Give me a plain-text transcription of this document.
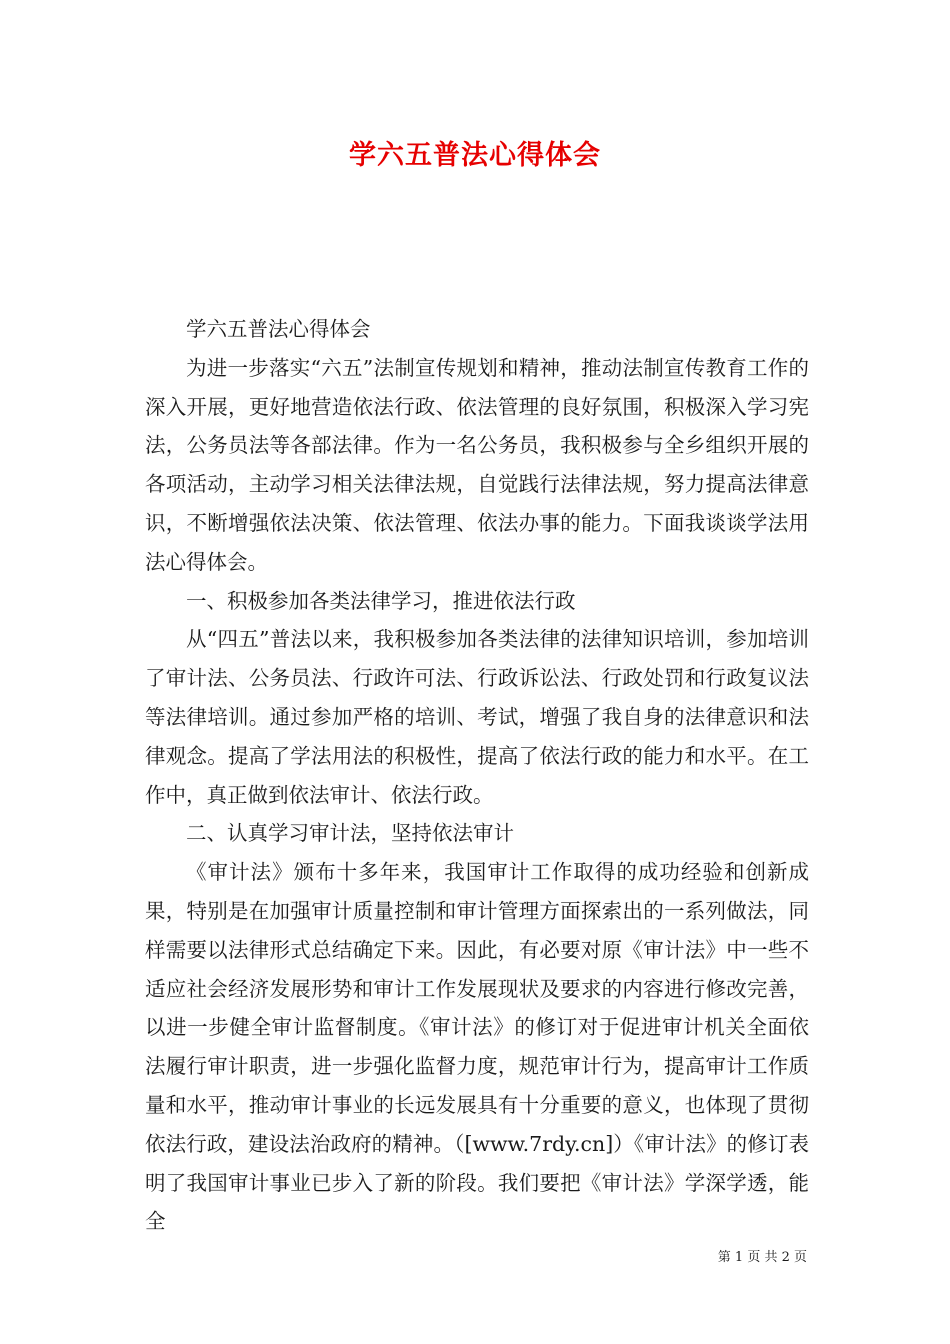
学六五普法心得体会

学六五普法心得体会

为进一步落实“六五”法制宣传规划和精神，推动法制宣传教育工作的深入开展，更好地营造依法行政、依法管理的良好氛围，积极深入学习宪法，公务员法等各部法律。作为一名公务员，我积极参与全乡组织开展的各项活动，主动学习相关法律法规，自觉践行法律法规，努力提高法律意识，不断增强依法决策、依法管理、依法办事的能力。下面我谈谈学法用法心得体会。

一、积极参加各类法律学习，推进依法行政

从“四五”普法以来，我积极参加各类法律的法律知识培训，参加培训了审计法、公务员法、行政许可法、行政诉讼法、行政处罚和行政复议法等法律培训。通过参加严格的培训、考试，增强了我自身的法律意识和法律观念。提高了学法用法的积极性，提高了依法行政的能力和水平。在工作中，真正做到依法审计、依法行政。

二、认真学习审计法，坚持依法审计

《审计法》颁布十多年来，我国审计工作取得的成功经验和创新成果，特别是在加强审计质量控制和审计管理方面探索出的一系列做法，同样需要以法律形式总结确定下来。因此，有必要对原《审计法》中一些不适应社会经济发展形势和审计工作发展现状及要求的内容进行修改完善，以进一步健全审计监督制度。《审计法》的修订对于促进审计机关全面依法履行审计职责，进一步强化监督力度，规范审计行为，提高审计工作质量和水平，推动审计事业的长远发展具有十分重要的意义，也体现了贯彻依法行政，建设法治政府的精神。（[www.7rdy.cn]）《审计法》的修订表明了我国审计事业已步入了新的阶段。我们要把《审计法》学深学透，能全

第 1 页 共 2 页
